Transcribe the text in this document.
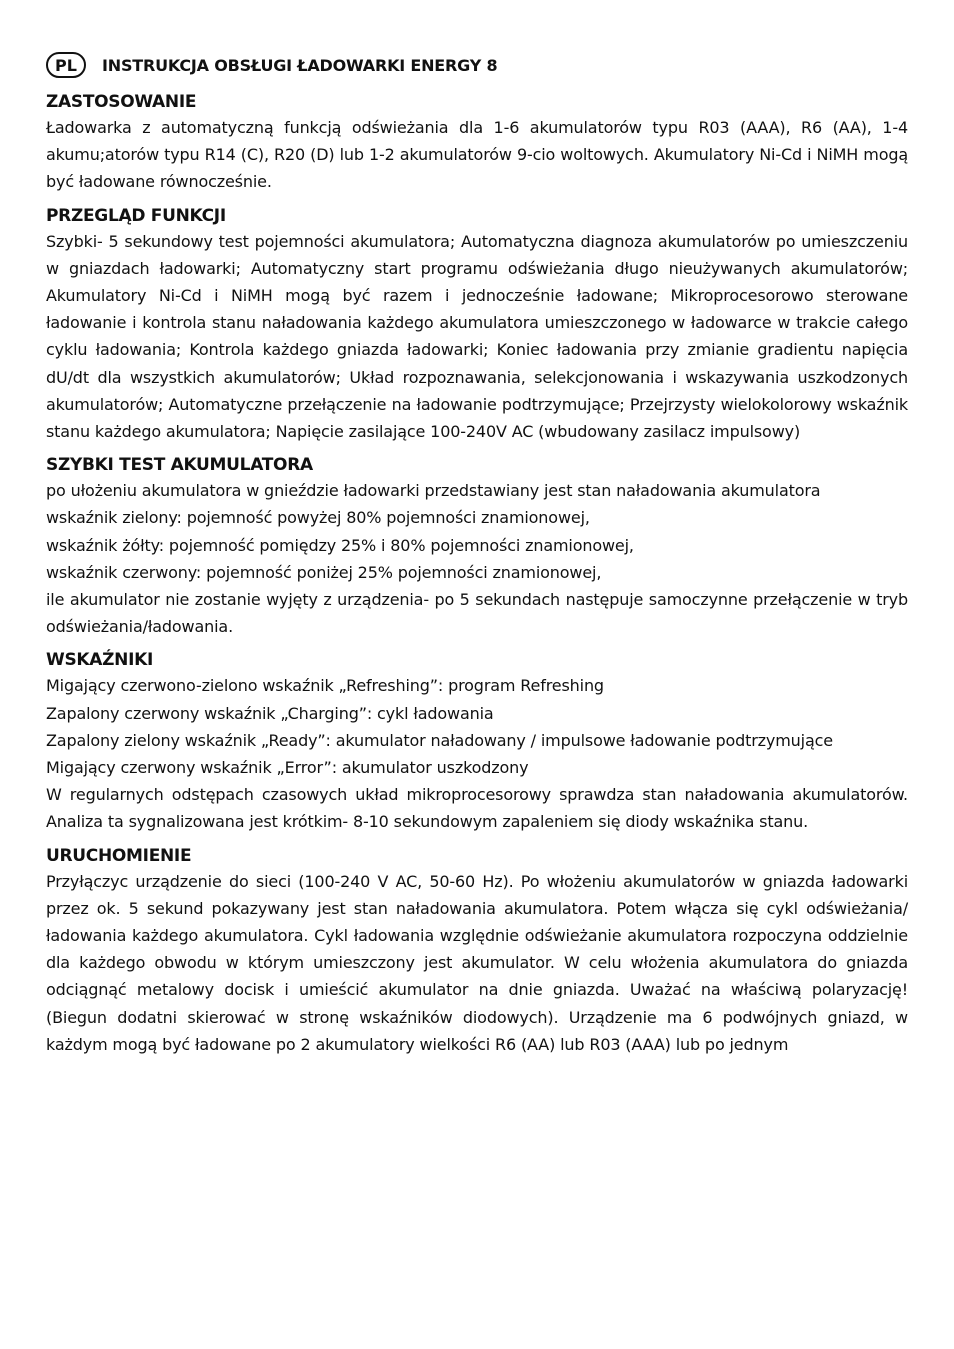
PL	INSTRUKCJA OBSŁUGI ŁADOWARKI ENERGY 8
ZASTOSOWANIE

Ładowarka z automatyczną funkcją odświeżania dla 1-6 akumulatorów typu R03 (AAA), R6 (AA), 1-4 akumu;atorów typu R14 (C), R20 (D) lub 1-2 akumulatorów 9-cio woltowych. Akumulatory Ni-Cd i NiMH mogą być ładowane równocześnie.

PRZEGLĄD FUNKCJI

Szybki- 5 sekundowy test pojemności akumulatora; Automatyczna diagnoza akumulatorów po umieszczeniu w gniazdach ładowarki; Automatyczny start programu odświeżania długo nieużywanych akumulatorów; Akumulatory Ni-Cd i NiMH mogą być razem i jednocześnie ładowane; Mikroprocesorowo sterowane ładowanie i kontrola stanu naładowania każdego akumulatora umieszczonego w ładowarce w trakcie całego cyklu ładowania; Kontrola każdego gniazda ładowarki; Koniec ładowania przy zmianie gradientu napięcia dU/dt dla wszystkich akumulatorów; Układ rozpoznawania, selekcjonowania i wskazywania uszkodzonych akumulatorów; Automatyczne przełączenie na ładowanie podtrzymujące; Przejrzysty wielokolorowy wskaźnik stanu każdego akumulatora; Napięcie zasilające 100-240V AC (wbudowany zasilacz impulsowy)

SZYBKI TEST AKUMULATORA

po ułożeniu akumulatora w gnieździe ładowarki przedstawiany jest stan naładowania akumulatora

wskaźnik zielony: pojemność powyżej 80% pojemności znamionowej,

wskaźnik żółty: pojemność pomiędzy 25% i 80% pojemności znamionowej,

wskaźnik czerwony: pojemność poniżej 25% pojemności znamionowej,

ile akumulator nie zostanie wyjęty z urządzenia- po 5 sekundach następuje samoczynne przełączenie w tryb odświeżania/ładowania.

WSKAŹNIKI

Migający czerwono-zielono wskaźnik „Refreshing”: program Refreshing

Zapalony czerwony wskaźnik „Charging”: cykl ładowania

Zapalony zielony wskaźnik „Ready”: akumulator naładowany / impulsowe ładowanie podtrzymujące

Migający czerwony wskaźnik „Error”: akumulator uszkodzony

W regularnych odstępach czasowych układ mikroprocesorowy sprawdza stan naładowania akumulatorów. Analiza ta sygnalizowana jest krótkim- 8-10 sekundowym zapaleniem się diody wskaźnika stanu.

URUCHOMIENIE

Przyłączyc urządzenie do sieci (100-240 V AC, 50-60 Hz). Po włożeniu akumulatorów w gniazda ładowarki przez ok. 5 sekund pokazywany jest stan naładowania akumulatora. Potem włącza się cykl odświeżania/ładowania każdego akumulatora. Cykl ładowania względnie odświeżanie akumulatora rozpoczyna oddzielnie dla każdego obwodu w którym umieszczony jest akumulator. W celu włożenia akumulatora do gniazda odciągnąć metalowy docisk i umieścić akumulator na dnie gniazda. Uważać na właściwą polaryzację! (Biegun dodatni skierować w stronę wskaźników diodowych). Urządzenie ma 6 podwójnych gniazd, w każdym mogą być ładowane po 2 akumulatory wielkości R6 (AA) lub R03 (AAA) lub po jednym
